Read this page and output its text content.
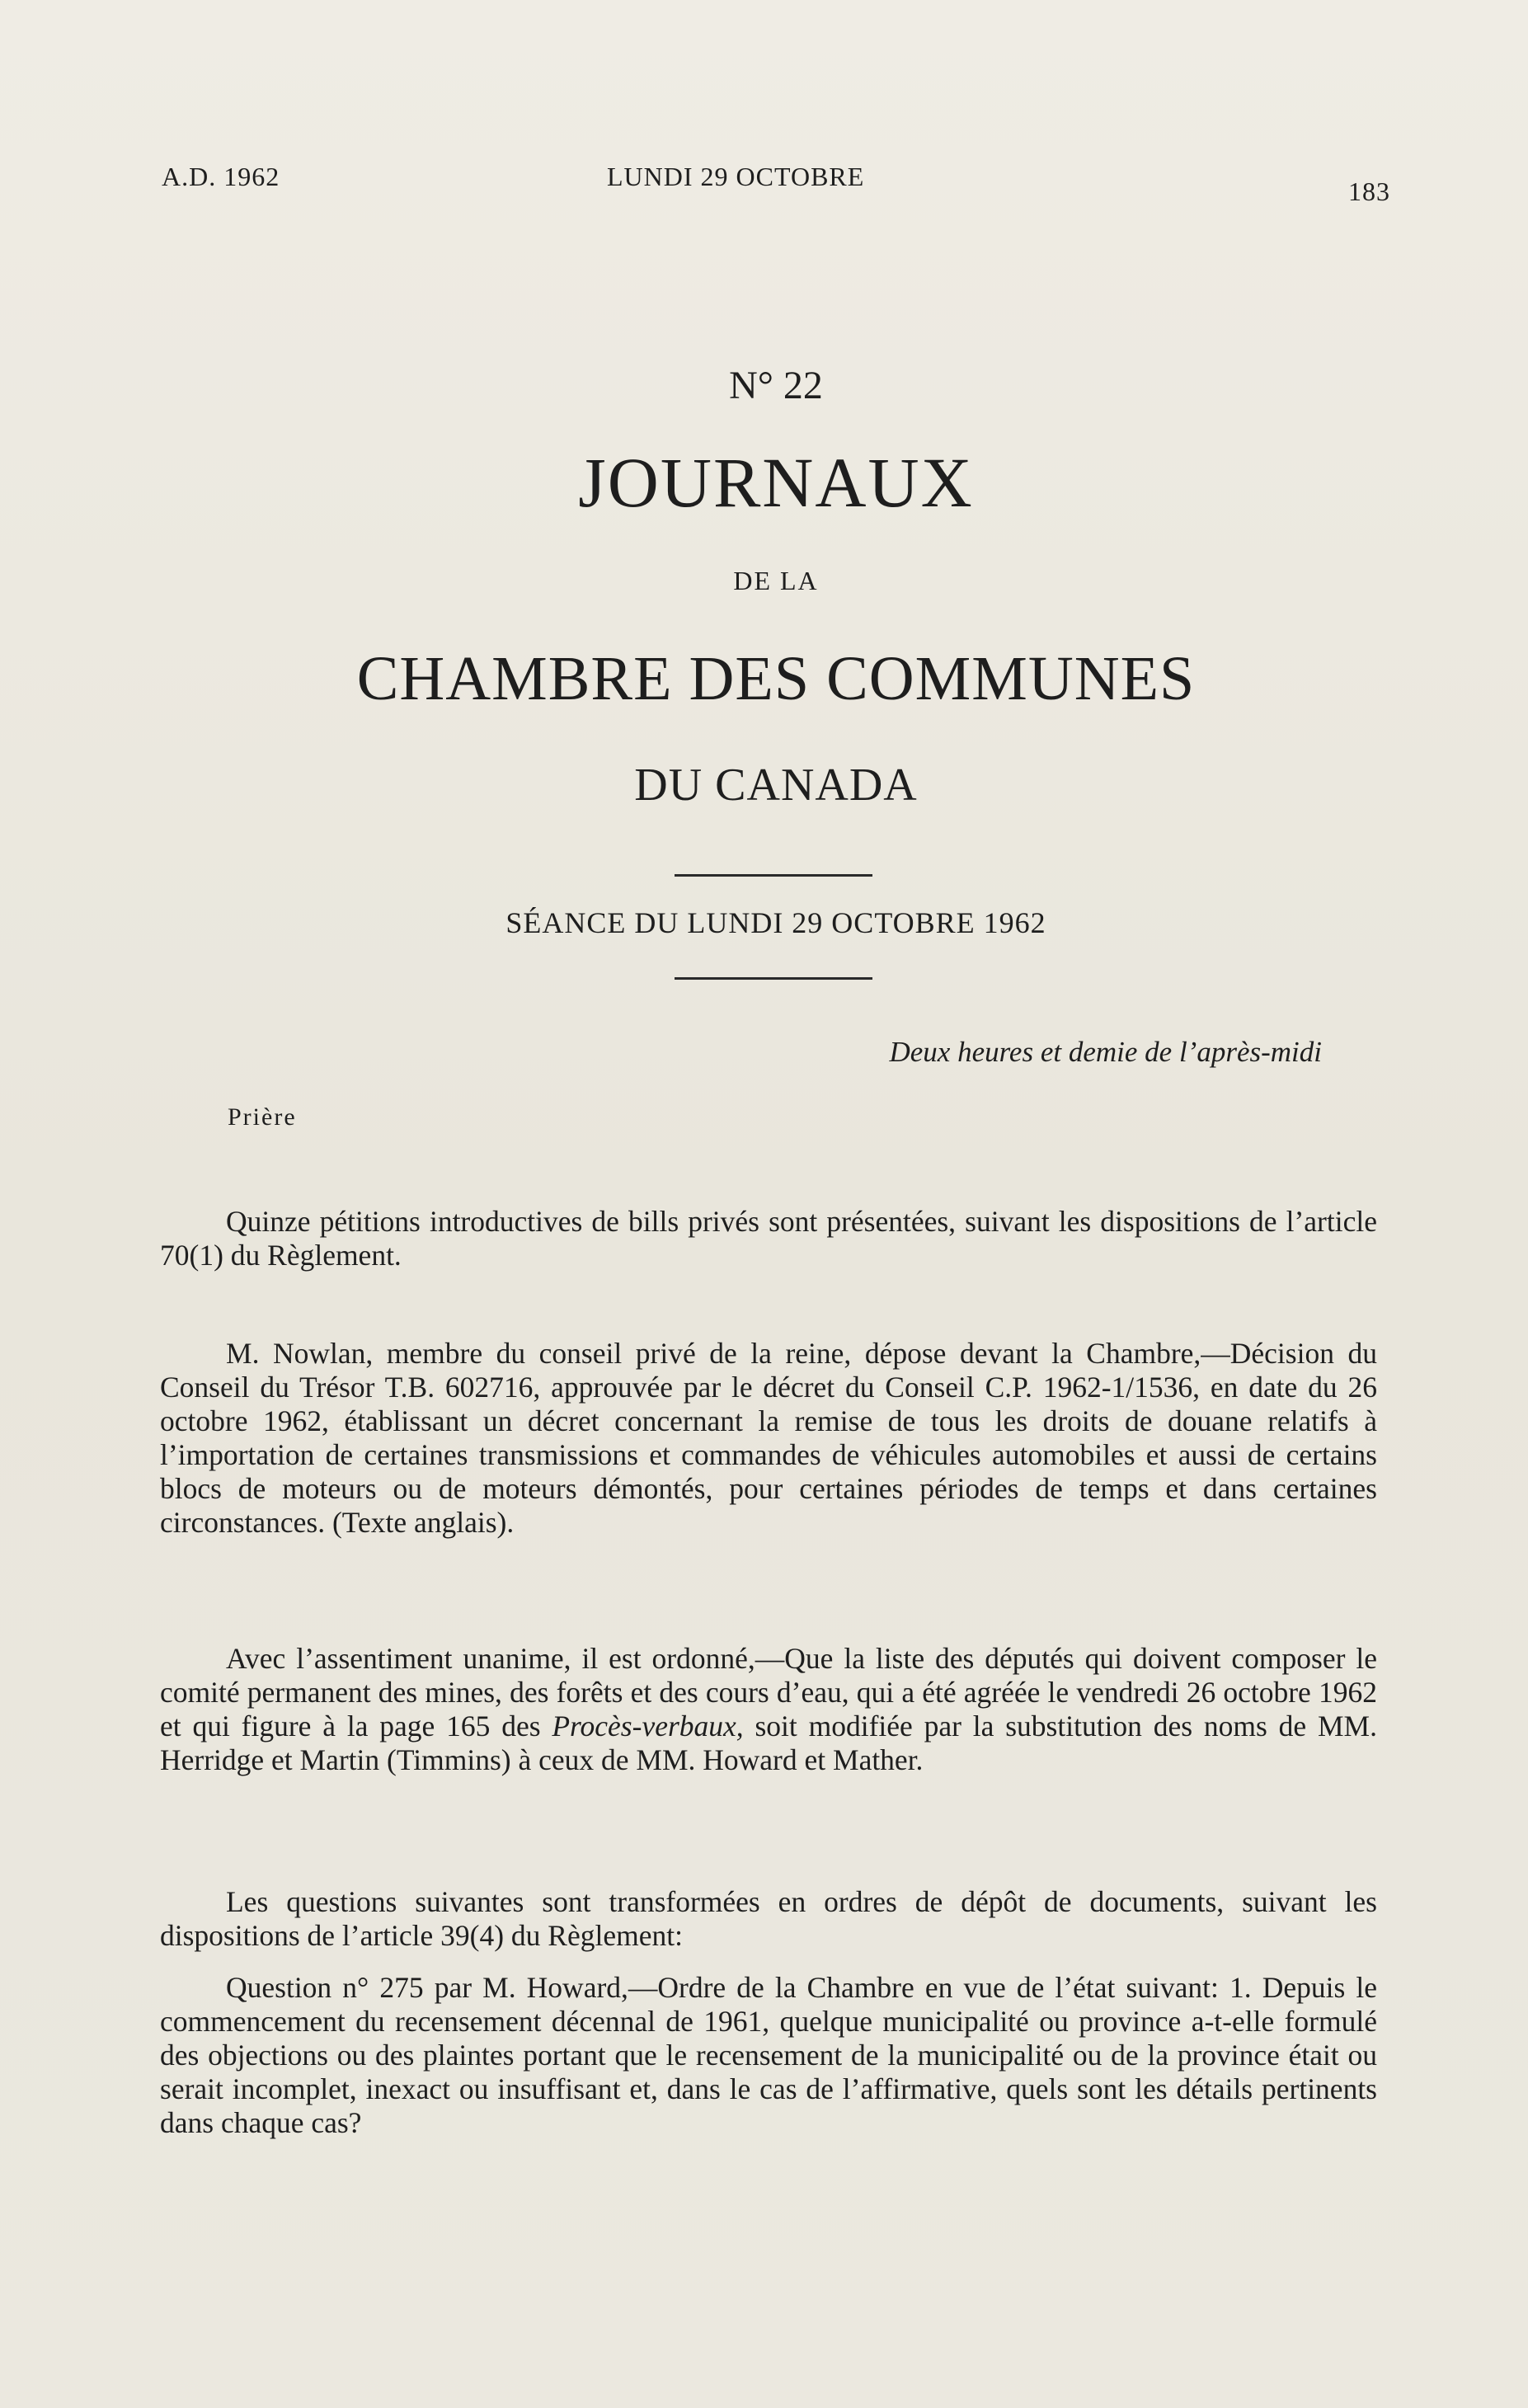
A.D. 1962	LUNDI 29 OCTOBRE	183
N° 22
JOURNAUX
DE LA
CHAMBRE DES COMMUNES
DU CANADA
SÉANCE DU LUNDI 29 OCTOBRE 1962
Deux heures et demie de l’après-midi
Prière

Quinze pétitions introductives de bills privés sont présentées, suivant les dispositions de l’article 70(1) du Règlement.

M. Nowlan, membre du conseil privé de la reine, dépose devant la Chambre,—Décision du Conseil du Trésor T.B. 602716, approuvée par le décret du Conseil C.P. 1962-1/1536, en date du 26 octobre 1962, établissant un décret concernant la remise de tous les droits de douane relatifs à l’importation de certaines transmissions et commandes de véhicules automobiles et aussi de certains blocs de moteurs ou de moteurs démontés, pour certaines périodes de temps et dans certaines circonstances. (Texte anglais).

Avec l’assentiment unanime, il est ordonné,—Que la liste des députés qui doivent composer le comité permanent des mines, des forêts et des cours d’eau, qui a été agréée le vendredi 26 octobre 1962 et qui figure à la page 165 des Procès-verbaux, soit modifiée par la substitution des noms de MM. Herridge et Martin (Timmins) à ceux de MM. Howard et Mather.

Les questions suivantes sont transformées en ordres de dépôt de documents, suivant les dispositions de l’article 39(4) du Règlement:

Question n° 275 par M. Howard,—Ordre de la Chambre en vue de l’état suivant: 1. Depuis le commencement du recensement décennal de 1961, quelque municipalité ou province a-t-elle formulé des objections ou des plaintes portant que le recensement de la municipalité ou de la province était ou serait incomplet, inexact ou insuffisant et, dans le cas de l’affirmative, quels sont les détails pertinents dans chaque cas?
